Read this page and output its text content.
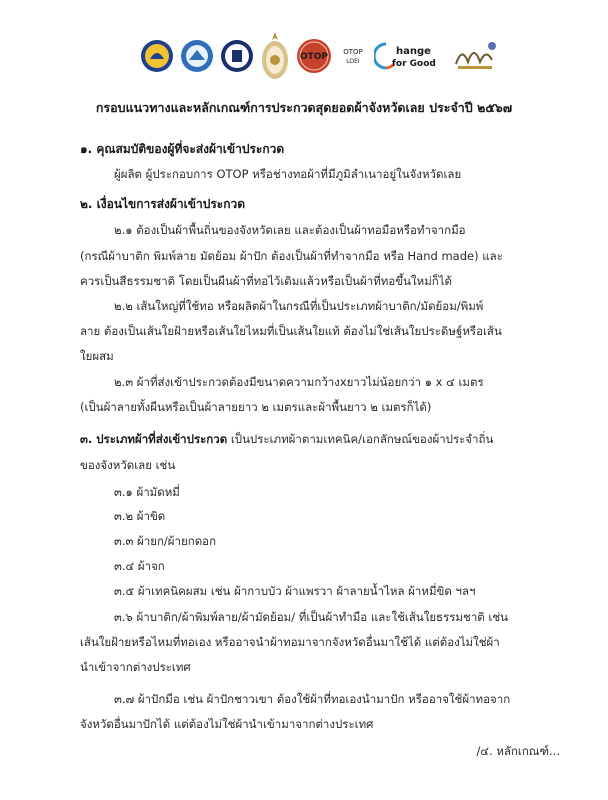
OTOP OTOP
LOEI
hange
for Good
กรอบแนวทางและหลักเกณฑ์การประกวดสุดยอดผ้าจังหวัดเลย ประจำปี ๒๕๖๗
๑. คุณสมบัติของผู้ที่จะส่งผ้าเข้าประกวด
ผู้ผลิต ผู้ประกอบการ OTOP หรือช่างทอผ้าที่มีภูมิลำเนาอยู่ในจังหวัดเลย
๒. เงื่อนไขการส่งผ้าเข้าประกวด
๒.๑ ต้องเป็นผ้าพื้นถิ่นของจังหวัดเลย และต้องเป็นผ้าทอมือหรือทำจากมือ
(กรณีผ้าบาติก พิมพ์ลาย มัดย้อม ผ้าปัก ต้องเป็นผ้าที่ทำจากมือ หรือ Hand made) และ
ควรเป็นสีธรรมชาติ โดยเป็นผืนผ้าที่ทอไว้เดิมแล้วหรือเป็นผ้าที่ทอขึ้นใหม่ก็ได้
๒.๒ เส้นใหญ่ที่ใช้ทอ หรือผลิตผ้าในกรณีที่เป็นประเภทผ้าบาติก/มัดย้อม/พิมพ์
ลาย ต้องเป็นเส้นใยฝ้ายหรือเส้นใยไหมที่เป็นเส้นใยแท้ ต้องไม่ใช่เส้นใยประดิษฐ์หรือเส้น
ใยผสม
๒.๓ ผ้าที่ส่งเข้าประกวดต้องมีขนาดความกว้างxยาวไม่น้อยกว่า ๑ x ๔ เมตร
(เป็นผ้าลายทั้งผืนหรือเป็นผ้าลายยาว ๒ เมตรและผ้าพื้นยาว ๒ เมตรก็ได้)
๓. ประเภทผ้าที่ส่งเข้าประกวด เป็นประเภทผ้าตามเทคนิค/เอกลักษณ์ของผ้าประจำถิ่น
ของจังหวัดเลย เช่น
๓.๑ ผ้ามัดหมี่
๓.๒ ผ้าขิด
๓.๓ ผ้ายก/ผ้ายกดอก
๓.๔ ผ้าจก
๓.๕ ผ้าเทคนิคผสม เช่น ผ้ากาบบัว ผ้าแพรวา ผ้าลายน้ำไหล ผ้าหมี่ขิด ฯลฯ
๓.๖ ผ้าบาติก/ผ้าพิมพ์ลาย/ผ้ามัดย้อม/ ที่เป็นผ้าทำมือ และใช้เส้นใยธรรมชาติ เช่น
เส้นใยฝ้ายหรือไหมที่ทอเอง หรืออาจนำผ้าทอมาจากจังหวัดอื่นมาใช้ได้ แต่ต้องไม่ใช่ผ้า
นำเข้าจากต่างประเทศ
๓.๗ ผ้าปักมือ เช่น ผ้าปักชาวเขา ต้องใช้ผ้าที่ทอเองนำมาปัก หรืออาจใช้ผ้าทอจาก
จังหวัดอื่นมาปักได้ แต่ต้องไม่ใช่ผ้านำเข้ามาจากต่างประเทศ
/๔. หลักเกณฑ์...
